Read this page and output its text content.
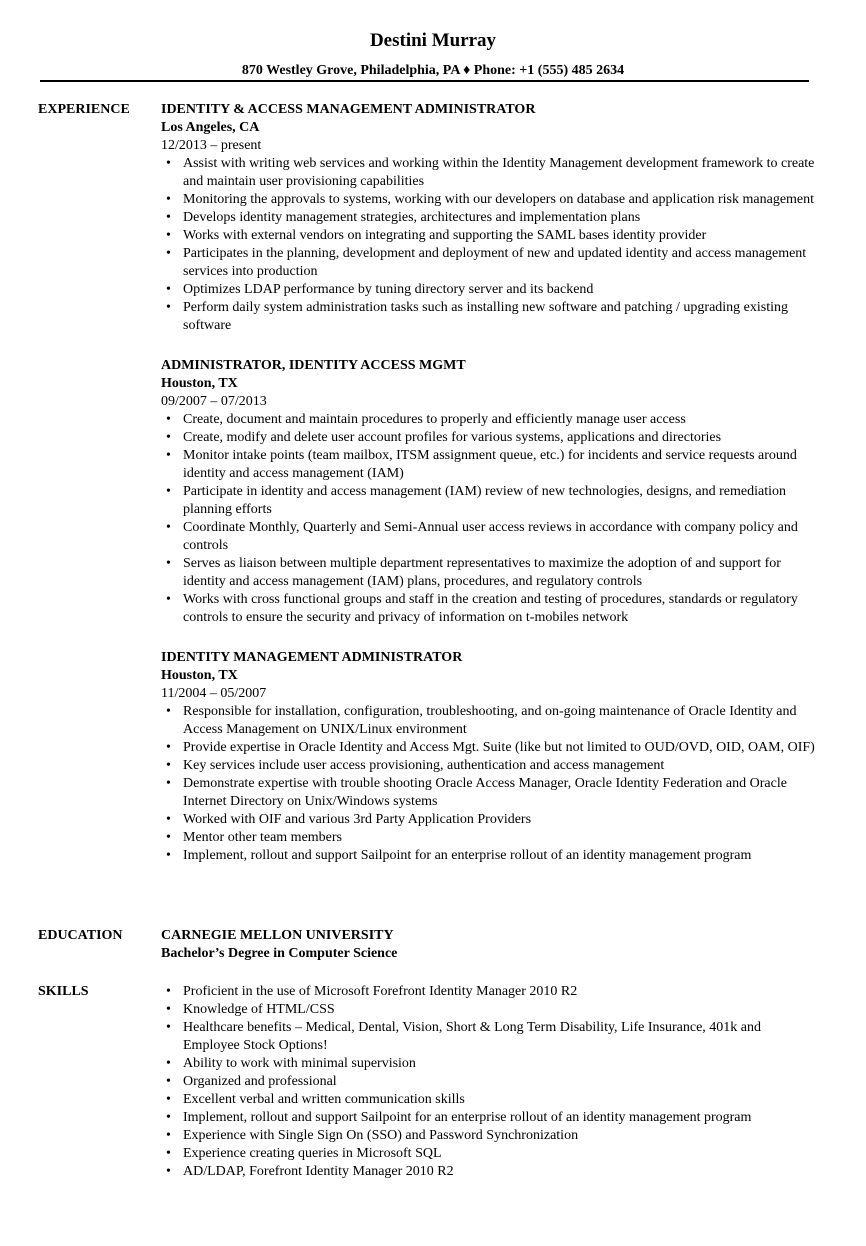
Destini Murray
870 Westley Grove, Philadelphia, PA ♦ Phone: +1 (555) 485 2634
EXPERIENCE IDENTITY & ACCESS MANAGEMENT ADMINISTRATOR
Los Angeles, CA
12/2013 – present
• Assist with writing web services and working within the Identity Management development framework to create and maintain user provisioning capabilities
• Monitoring the approvals to systems, working with our developers on database and application risk management
• Develops identity management strategies, architectures and implementation plans
• Works with external vendors on integrating and supporting the SAML bases identity provider
• Participates in the planning, development and deployment of new and updated identity and access management services into production
• Optimizes LDAP performance by tuning directory server and its backend
• Perform daily system administration tasks such as installing new software and patching / upgrading existing software
ADMINISTRATOR, IDENTITY ACCESS MGMT
Houston, TX
09/2007 – 07/2013
• Create, document and maintain procedures to properly and efficiently manage user access
• Create, modify and delete user account profiles for various systems, applications and directories
• Monitor intake points (team mailbox, ITSM assignment queue, etc.) for incidents and service requests around identity and access management (IAM)
• Participate in identity and access management (IAM) review of new technologies, designs, and remediation planning efforts
• Coordinate Monthly, Quarterly and Semi-Annual user access reviews in accordance with company policy and controls
• Serves as liaison between multiple department representatives to maximize the adoption of and support for identity and access management (IAM) plans, procedures, and regulatory controls
• Works with cross functional groups and staff in the creation and testing of procedures, standards or regulatory controls to ensure the security and privacy of information on t-mobiles network
IDENTITY MANAGEMENT ADMINISTRATOR
Houston, TX
11/2004 – 05/2007
• Responsible for installation, configuration, troubleshooting, and on-going maintenance of Oracle Identity and Access Management on UNIX/Linux environment
• Provide expertise in Oracle Identity and Access Mgt. Suite (like but not limited to OUD/OVD, OID, OAM, OIF)
• Key services include user access provisioning, authentication and access management
• Demonstrate expertise with trouble shooting Oracle Access Manager, Oracle Identity Federation and Oracle Internet Directory on Unix/Windows systems
• Worked with OIF and various 3rd Party Application Providers
• Mentor other team members
• Implement, rollout and support Sailpoint for an enterprise rollout of an identity management program
EDUCATION	CARNEGIE MELLON UNIVERSITY
Bachelor’s Degree in Computer Science
SKILLS
•	Proficient in the use of Microsoft Forefront Identity Manager 2010 R2
• Knowledge of HTML/CSS
• Healthcare benefits – Medical, Dental, Vision, Short & Long Term Disability, Life Insurance, 401k and Employee Stock Options!
• Ability to work with minimal supervision
• Organized and professional
• Excellent verbal and written communication skills
• Implement, rollout and support Sailpoint for an enterprise rollout of an identity management program
• Experience with Single Sign On (SSO) and Password Synchronization
• Experience creating queries in Microsoft SQL
• AD/LDAP, Forefront Identity Manager 2010 R2
